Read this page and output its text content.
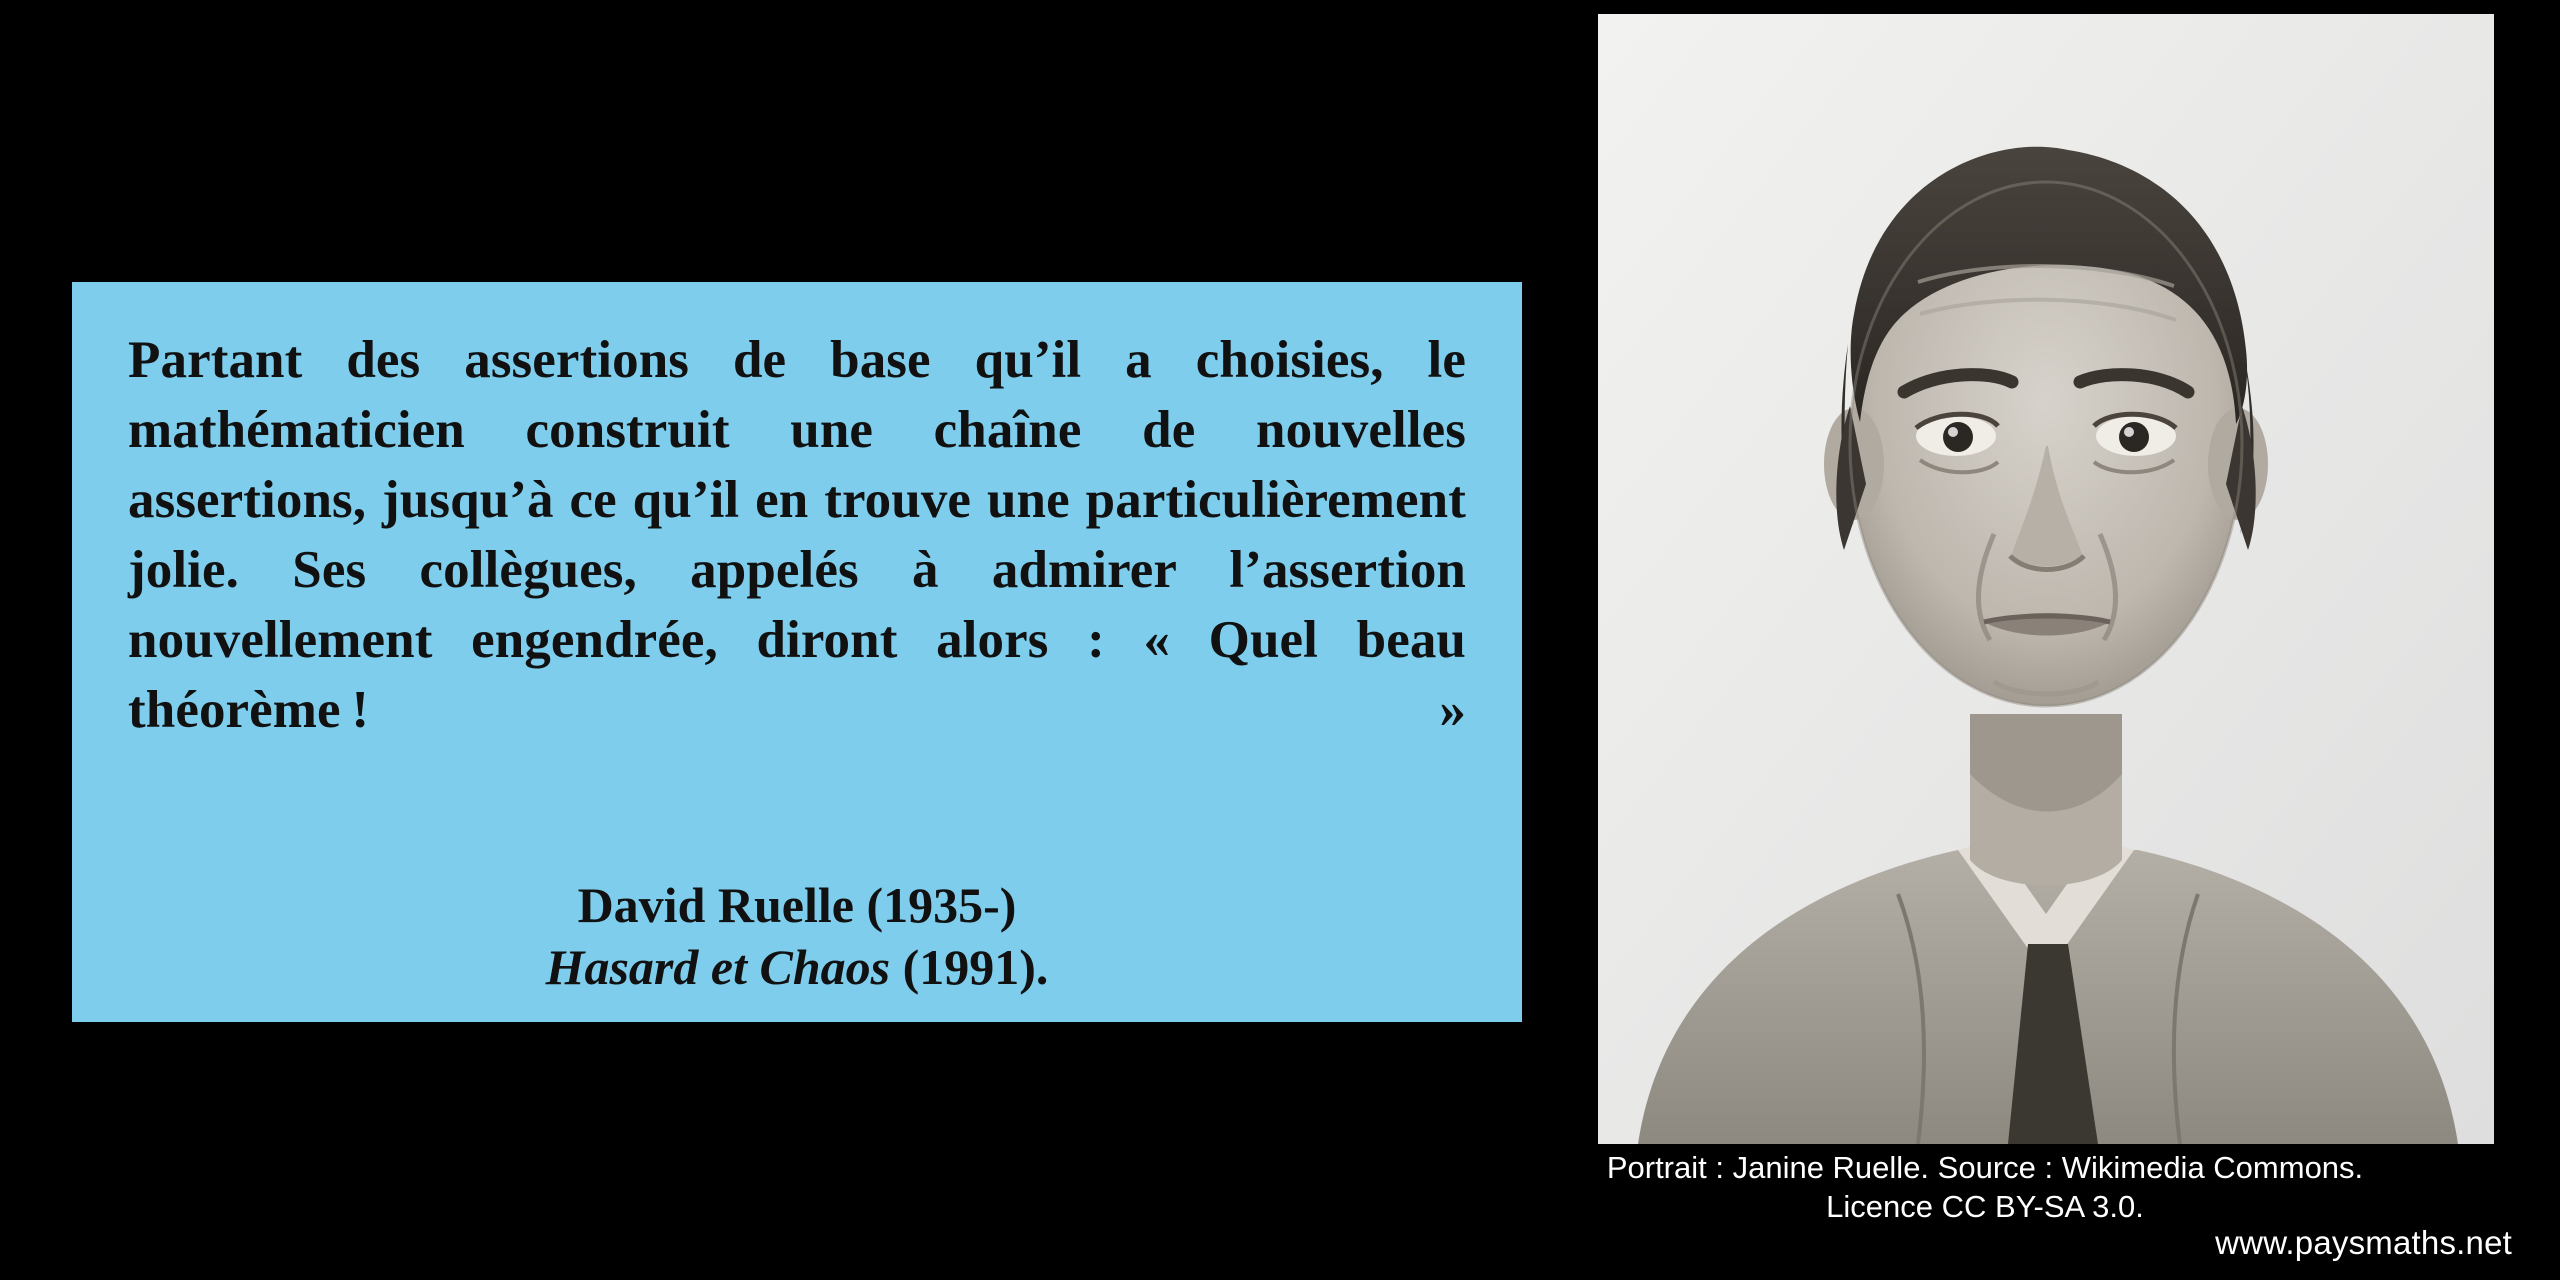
Partant des assertions de base qu’il a choisies, le mathématicien construit une chaîne de nouvelles assertions, jusqu’à ce qu’il en trouve une particulièrement jolie. Ses collègues, appelés à admirer l’assertion nouvellement engendrée, diront alors : « Quel beau théorème ! »

David Ruelle (1935-)
Hasard et Chaos (1991).
Portrait : Janine Ruelle. Source : Wikimedia Commons.
Licence CC BY-SA 3.0.
www.paysmaths.net
